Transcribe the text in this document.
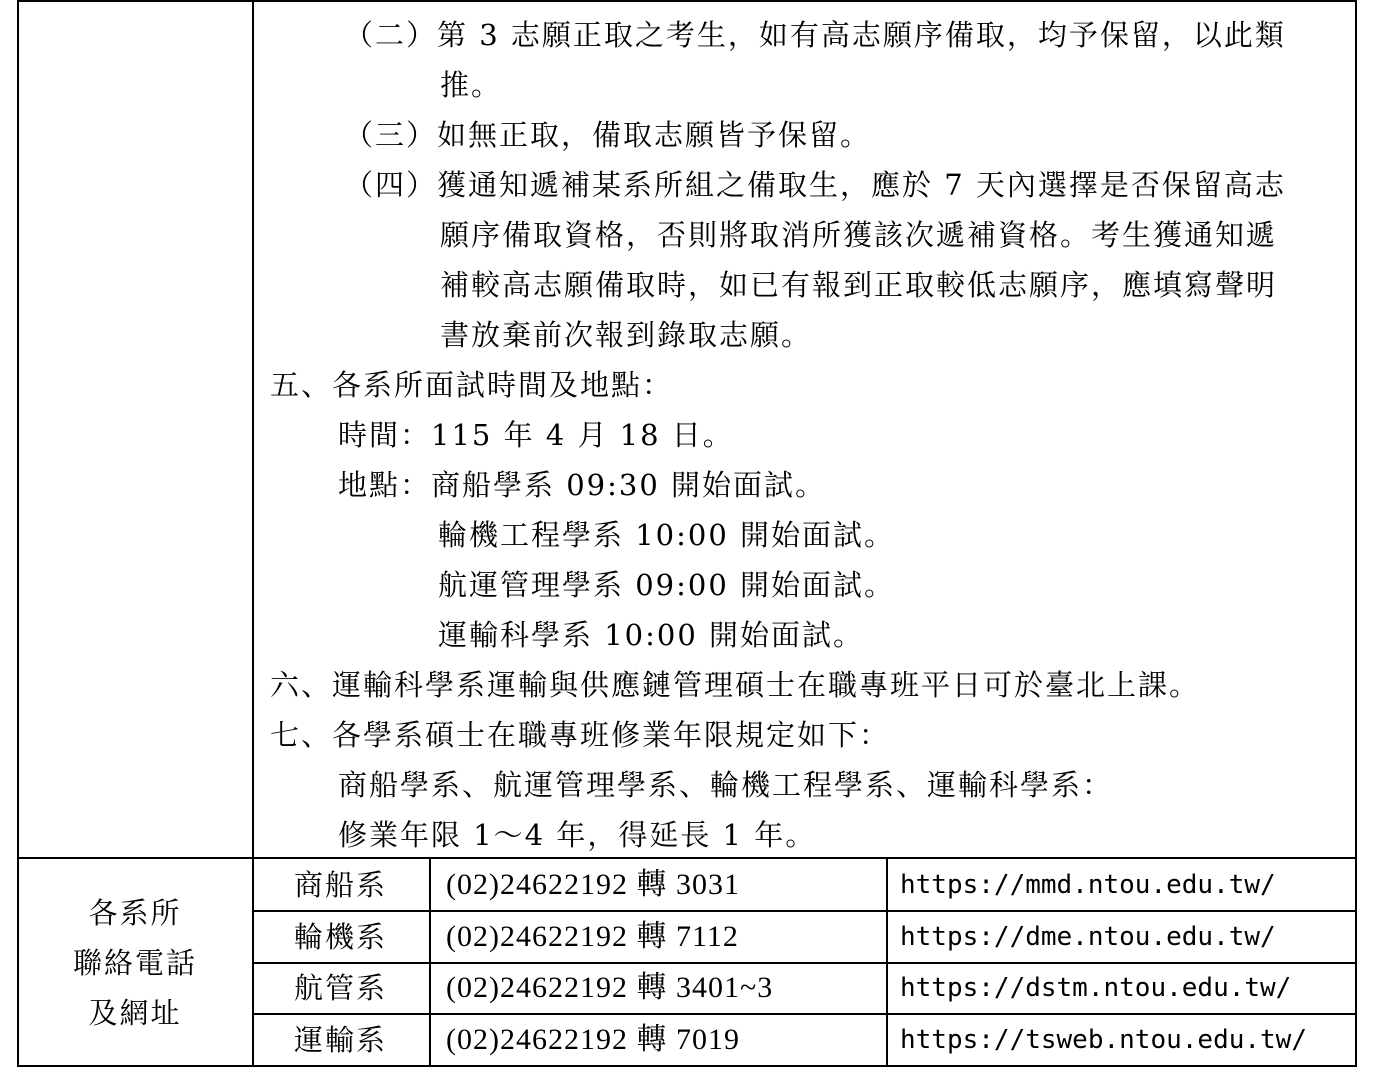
（二）第 3 志願正取之考生，如有高志願序備取，均予保留，以此類
推。
（三）如無正取，備取志願皆予保留。
（四）獲通知遞補某系所組之備取生，應於 7 天內選擇是否保留高志
願序備取資格，否則將取消所獲該次遞補資格。考生獲通知遞
補較高志願備取時，如已有報到正取較低志願序，應填寫聲明
書放棄前次報到錄取志願。
五、各系所面試時間及地點：
時間：115 年 4 月 18 日。
地點：商船學系 09:30 開始面試。
輪機工程學系 10:00 開始面試。
航運管理學系 09:00 開始面試。
運輸科學系 10:00 開始面試。
六、運輸科學系運輸與供應鏈管理碩士在職專班平日可於臺北上課。
七、各學系碩士在職專班修業年限規定如下：
商船學系、航運管理學系、輪機工程學系、運輸科學系：
修業年限 1～4 年，得延長 1 年。
各系所
聯絡電話
及網址
商船系 (02)24622192 轉 3031	https://mmd.ntou.edu.tw/
輪機系 (02)24622192 轉 7112	https://dme.ntou.edu.tw/
航管系 (02)24622192 轉 3401~3	https://dstm.ntou.edu.tw/
運輸系 (02)24622192 轉 7019	https://tsweb.ntou.edu.tw/
